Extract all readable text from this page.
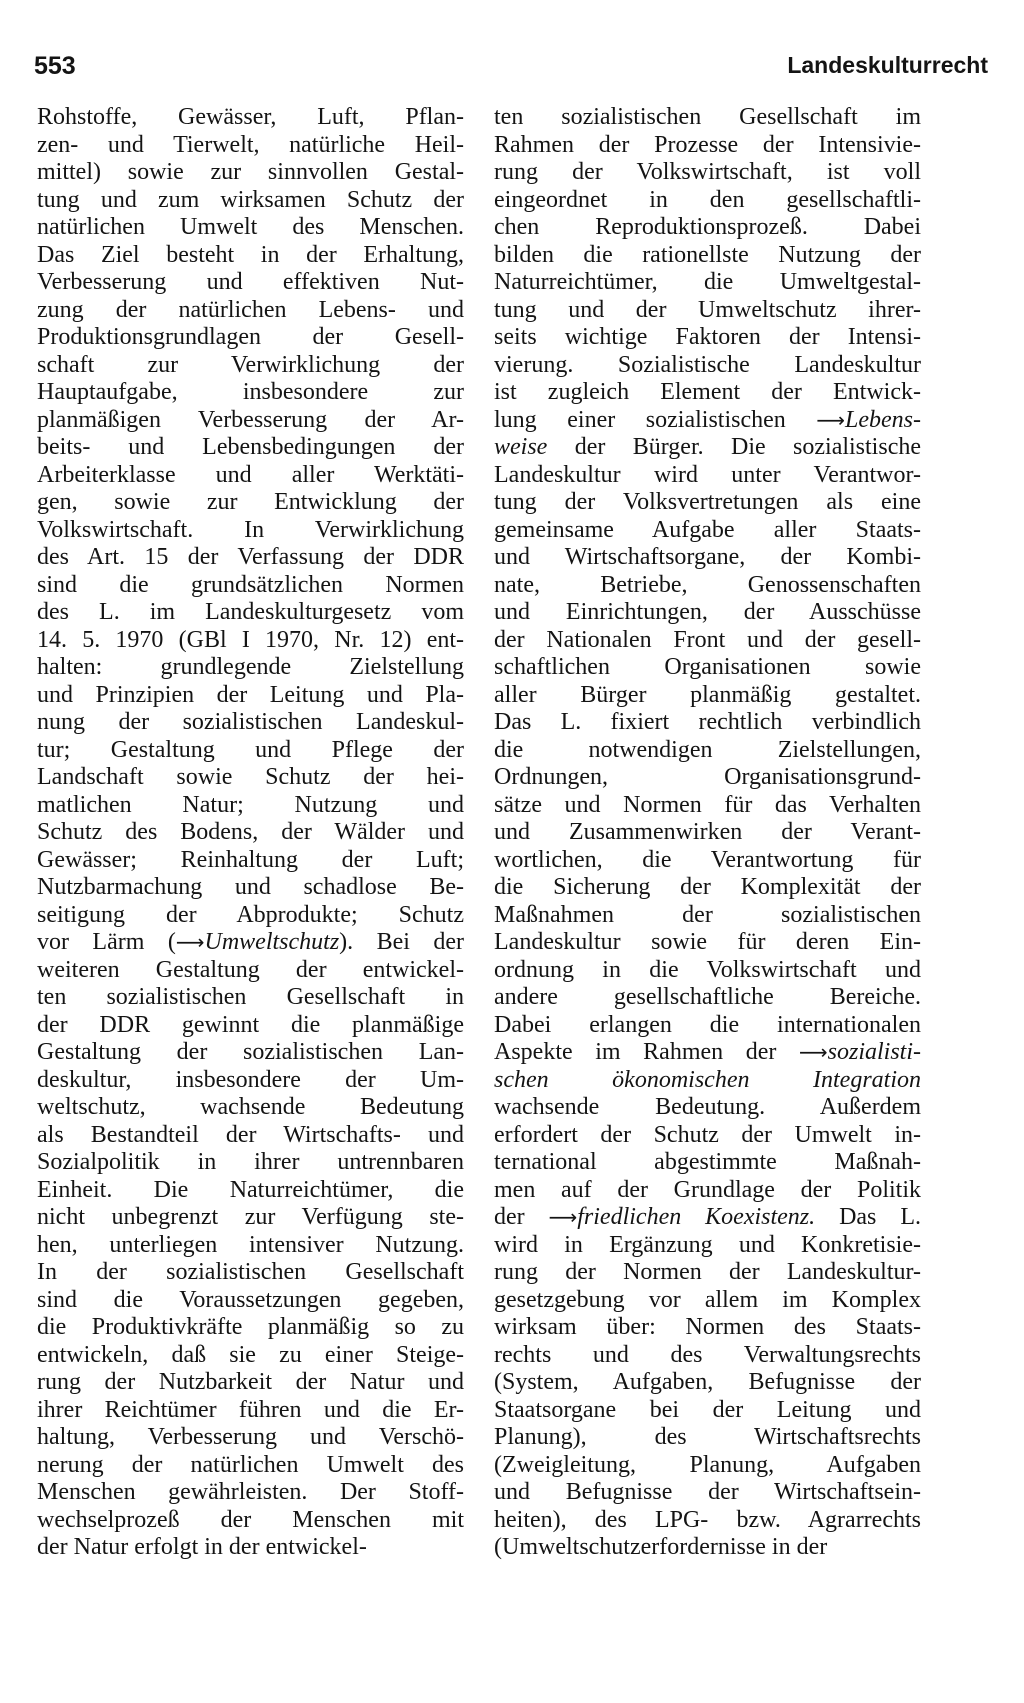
553	Landeskulturrecht
Rohstoffe, Gewässer, Luft, Pflan-
zen- und Tierwelt, natürliche Heil-
mittel) sowie zur sinnvollen Gestal-
tung und zum wirksamen Schutz der
natürlichen Umwelt des Menschen.
Das Ziel besteht in der Erhaltung,
Verbesserung und effektiven Nut-
zung der natürlichen Lebens- und
Produktionsgrundlagen der Gesell-
schaft zur Verwirklichung der
Hauptaufgabe, insbesondere zur
planmäßigen Verbesserung der Ar-
beits- und Lebensbedingungen der
Arbeiterklasse und aller Werktäti-
gen, sowie zur Entwicklung der
Volkswirtschaft. In Verwirklichung
des Art. 15 der Verfassung der DDR
sind die grundsätzlichen Normen
des L. im Landeskulturgesetz vom
14. 5. 1970 (GBl I 1970, Nr. 12) ent-
halten: grundlegende Zielstellung
und Prinzipien der Leitung und Pla-
nung der sozialistischen Landeskul-
tur; Gestaltung und Pflege der
Landschaft sowie Schutz der hei-
matlichen Natur; Nutzung und
Schutz des Bodens, der Wälder und
Gewässer; Reinhaltung der Luft;
Nutzbarmachung und schadlose Be-
seitigung der Abprodukte; Schutz
vor Lärm (⟶Umweltschutz). Bei der
weiteren Gestaltung der entwickel-
ten sozialistischen Gesellschaft in
der DDR gewinnt die planmäßige
Gestaltung der sozialistischen Lan-
deskultur, insbesondere der Um-
weltschutz, wachsende Bedeutung
als Bestandteil der Wirtschafts- und
Sozialpolitik in ihrer untrennbaren
Einheit. Die Naturreichtümer, die
nicht unbegrenzt zur Verfügung ste-
hen, unterliegen intensiver Nutzung.
In der sozialistischen Gesellschaft
sind die Voraussetzungen gegeben,
die Produktivkräfte planmäßig so zu
entwickeln, daß sie zu einer Steige-
rung der Nutzbarkeit der Natur und
ihrer Reichtümer führen und die Er-
haltung, Verbesserung und Verschö-
nerung der natürlichen Umwelt des
Menschen gewährleisten. Der Stoff-
wechselprozeß der Menschen mit
der Natur erfolgt in der entwickel-
ten sozialistischen Gesellschaft im
Rahmen der Prozesse der Intensivie-
rung der Volkswirtschaft, ist voll
eingeordnet in den gesellschaftli-
chen Reproduktionsprozeß. Dabei
bilden die rationellste Nutzung der
Naturreichtümer, die Umweltgestal-
tung und der Umweltschutz ihrer-
seits wichtige Faktoren der Intensi-
vierung. Sozialistische Landeskultur
ist zugleich Element der Entwick-
lung einer sozialistischen ⟶Lebens-
weise der Bürger. Die sozialistische
Landeskultur wird unter Verantwor-
tung der Volksvertretungen als eine
gemeinsame Aufgabe aller Staats-
und Wirtschaftsorgane, der Kombi-
nate, Betriebe, Genossenschaften
und Einrichtungen, der Ausschüsse
der Nationalen Front und der gesell-
schaftlichen Organisationen sowie
aller Bürger planmäßig gestaltet.
Das L. fixiert rechtlich verbindlich
die notwendigen Zielstellungen,
Ordnungen, Organisationsgrund-
sätze und Normen für das Verhalten
und Zusammenwirken der Verant-
wortlichen, die Verantwortung für
die Sicherung der Komplexität der
Maßnahmen der sozialistischen
Landeskultur sowie für deren Ein-
ordnung in die Volkswirtschaft und
andere gesellschaftliche Bereiche.
Dabei erlangen die internationalen
Aspekte im Rahmen der ⟶sozialisti-
schen ökonomischen Integration
wachsende Bedeutung. Außerdem
erfordert der Schutz der Umwelt in-
ternational abgestimmte Maßnah-
men auf der Grundlage der Politik
der ⟶friedlichen Koexistenz. Das L.
wird in Ergänzung und Konkretisie-
rung der Normen der Landeskultur-
gesetzgebung vor allem im Komplex
wirksam über: Normen des Staats-
rechts und des Verwaltungsrechts
(System, Aufgaben, Befugnisse der
Staatsorgane bei der Leitung und
Planung), des Wirtschaftsrechts
(Zweigleitung, Planung, Aufgaben
und Befugnisse der Wirtschaftsein-
heiten), des LPG- bzw. Agrarrechts
(Umweltschutzerfordernisse in der
